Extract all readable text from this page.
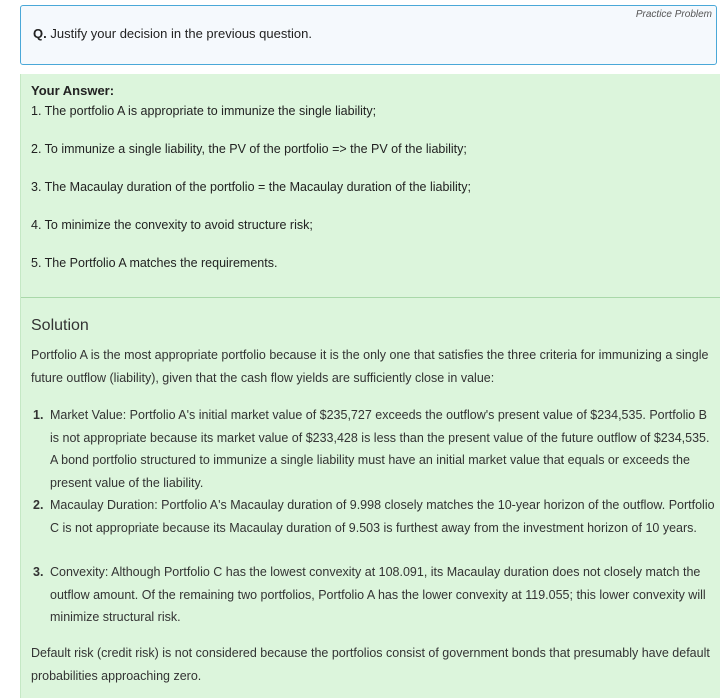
Practice Problem
Q. Justify your decision in the previous question.
Your Answer:
1. The portfolio A is appropriate to immunize the single liability;
2. To immunize a single liability, the PV of the portfolio => the PV of the liability;
3. The Macaulay duration of the portfolio = the Macaulay duration of the liability;
4. To minimize the convexity to avoid structure risk;
5. The Portfolio A matches the requirements.
Solution
Portfolio A is the most appropriate portfolio because it is the only one that satisfies the three criteria for immunizing a single future outflow (liability), given that the cash flow yields are sufficiently close in value:
1. Market Value: Portfolio A's initial market value of $235,727 exceeds the outflow's present value of $234,535. Portfolio B is not appropriate because its market value of $233,428 is less than the present value of the future outflow of $234,535. A bond portfolio structured to immunize a single liability must have an initial market value that equals or exceeds the present value of the liability.
2. Macaulay Duration: Portfolio A's Macaulay duration of 9.998 closely matches the 10-year horizon of the outflow. Portfolio C is not appropriate because its Macaulay duration of 9.503 is furthest away from the investment horizon of 10 years.
3. Convexity: Although Portfolio C has the lowest convexity at 108.091, its Macaulay duration does not closely match the outflow amount. Of the remaining two portfolios, Portfolio A has the lower convexity at 119.055; this lower convexity will minimize structural risk.
Default risk (credit risk) is not considered because the portfolios consist of government bonds that presumably have default probabilities approaching zero.
